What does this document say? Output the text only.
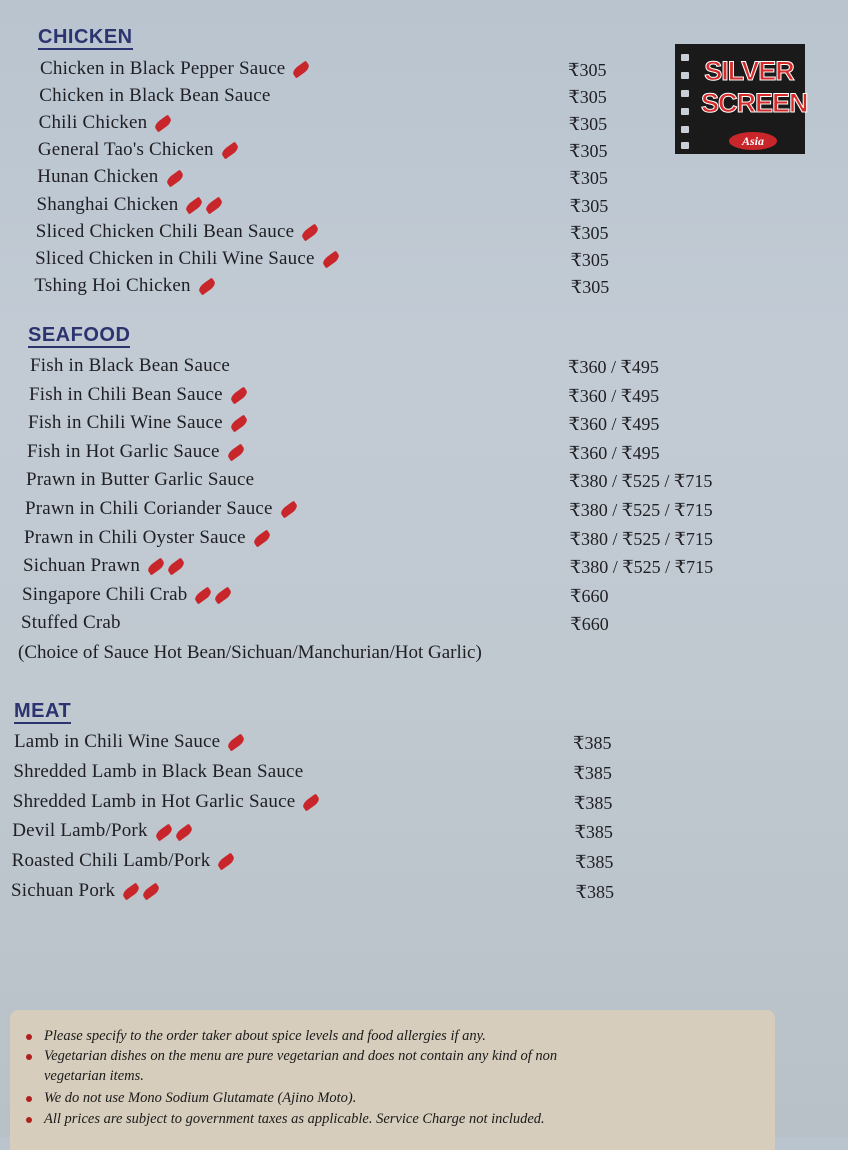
SILVER
SCREEN
Asia
CHICKEN
SEAFOOD
(Choice of Sauce Hot Bean/Sichuan/Manchurian/Hot Garlic)
MEAT
Chicken in Black Pepper Sauce	₹305
Chicken in Black Bean Sauce	₹305
Chili Chicken	₹305
General Tao's Chicken	₹305
Hunan Chicken	₹305
Shanghai Chicken	₹305
Sliced Chicken Chili Bean Sauce	₹305
Sliced Chicken in Chili Wine Sauce	₹305
Tshing Hoi Chicken	₹305
Fish in Black Bean Sauce	₹360 / ₹495
Fish in Chili Bean Sauce	₹360 / ₹495
Fish in Chili Wine Sauce	₹360 / ₹495
Fish in Hot Garlic Sauce	₹360 / ₹495
Prawn in Butter Garlic Sauce	₹380 / ₹525 / ₹715
Prawn in Chili Coriander Sauce	₹380 / ₹525 / ₹715
Prawn in Chili Oyster Sauce	₹380 / ₹525 / ₹715
Sichuan Prawn	₹380 / ₹525 / ₹715
Singapore Chili Crab	₹660
Stuffed Crab	₹660
Lamb in Chili Wine Sauce	₹385
Shredded Lamb in Black Bean Sauce	₹385
Shredded Lamb in Hot Garlic Sauce	₹385
Devil Lamb/Pork	₹385
Roasted Chili Lamb/Pork	₹385
Sichuan Pork	₹385
Please specify to the order taker about spice levels and food allergies if any.
Vegetarian dishes on the menu are pure vegetarian and does not contain any kind of non
vegetarian items.
We do not use Mono Sodium Glutamate (Ajino Moto).
All prices are subject to government taxes as applicable. Service Charge not included.
